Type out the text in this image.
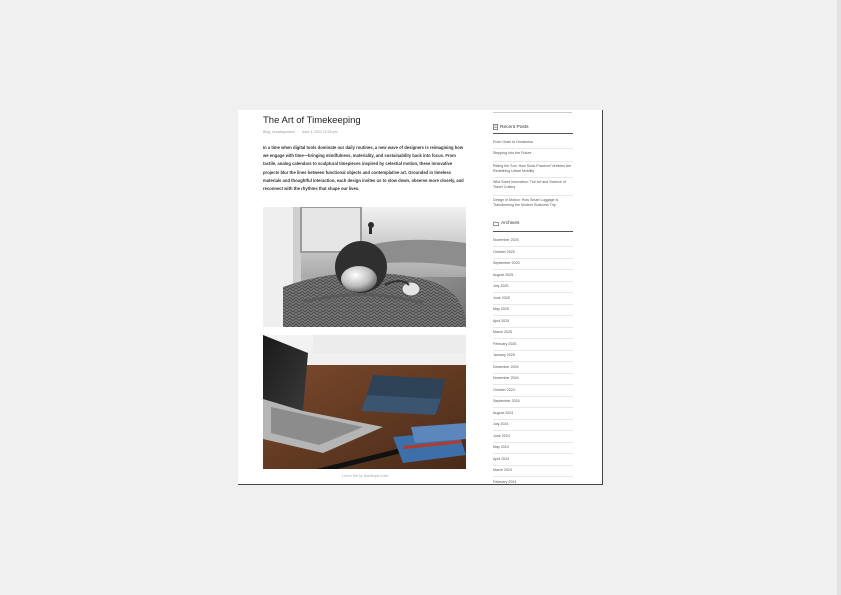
The Art of Timekeeping
Blog, Uncategorized · June 4, 2022 10:25 pm
In a time when digital tools dominate our daily routines, a new wave of designers is reimagining how we engage with time—bringing mindfulness, materiality, and sustainability back into focus. From tactile, analog calendars to sculptural timepieces inspired by celestial motion, these innovative projects blur the lines between functional objects and contemplative art. Grounded in timeless materials and thoughtful interaction, each design invites us to slow down, observe more closely, and reconnect with the rhythms that shape our lives.
Lorem Ref by Nobileque Artist
Recent Posts
From Grain to Greatness
Stepping Into the Future
Riding the Sun: How Solar-Powered Vehicles Are Redefining Urban Mobility
Wild-Sized Innovation: The Art and Science of Travel Cutlery
Design in Motion: How Smart Luggage Is Transforming the Modern Business Trip
Archives
November 2025
October 2025
September 2025
August 2025
July 2025
June 2025
May 2025
April 2025
March 2025
February 2025
January 2025
December 2024
November 2024
October 2024
September 2024
August 2024
July 2024
June 2024
May 2024
April 2024
March 2024
February 2024
